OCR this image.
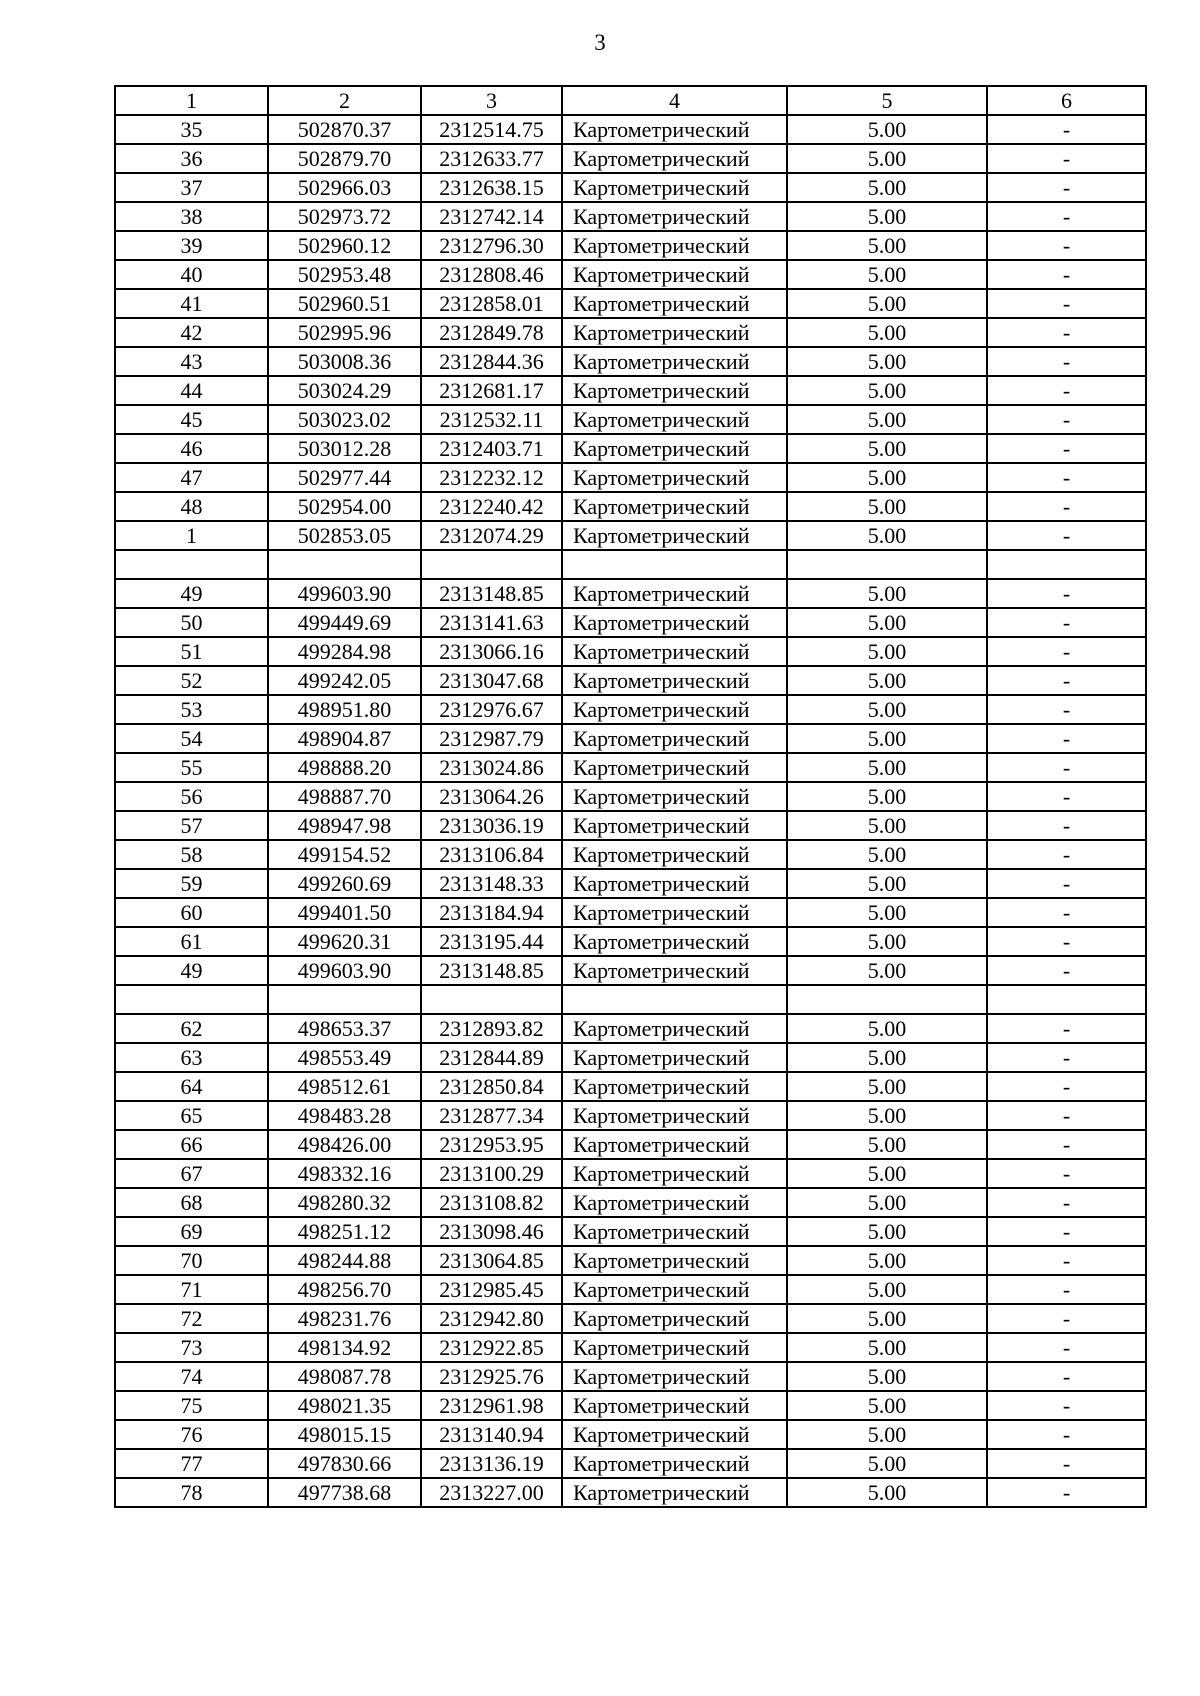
3
1	2	3	4	5	6
35	502870.37	2312514.75	Картометрический	5.00	-
36	502879.70	2312633.77	Картометрический	5.00	-
37	502966.03	2312638.15	Картометрический	5.00	-
38	502973.72	2312742.14	Картометрический	5.00	-
39	502960.12	2312796.30	Картометрический	5.00	-
40	502953.48	2312808.46	Картометрический	5.00	-
41	502960.51	2312858.01	Картометрический	5.00	-
42	502995.96	2312849.78	Картометрический	5.00	-
43	503008.36	2312844.36	Картометрический	5.00	-
44	503024.29	2312681.17	Картометрический	5.00	-
45	503023.02	2312532.11	Картометрический	5.00	-
46	503012.28	2312403.71	Картометрический	5.00	-
47	502977.44	2312232.12	Картометрический	5.00	-
48	502954.00	2312240.42	Картометрический	5.00	-
1	502853.05	2312074.29	Картометрический	5.00	-

49	499603.90	2313148.85	Картометрический	5.00	-
50	499449.69	2313141.63	Картометрический	5.00	-
51	499284.98	2313066.16	Картометрический	5.00	-
52	499242.05	2313047.68	Картометрический	5.00	-
53	498951.80	2312976.67	Картометрический	5.00	-
54	498904.87	2312987.79	Картометрический	5.00	-
55	498888.20	2313024.86	Картометрический	5.00	-
56	498887.70	2313064.26	Картометрический	5.00	-
57	498947.98	2313036.19	Картометрический	5.00	-
58	499154.52	2313106.84	Картометрический	5.00	-
59	499260.69	2313148.33	Картометрический	5.00	-
60	499401.50	2313184.94	Картометрический	5.00	-
61	499620.31	2313195.44	Картометрический	5.00	-
49	499603.90	2313148.85	Картометрический	5.00	-

62	498653.37	2312893.82	Картометрический	5.00	-
63	498553.49	2312844.89	Картометрический	5.00	-
64	498512.61	2312850.84	Картометрический	5.00	-
65	498483.28	2312877.34	Картометрический	5.00	-
66	498426.00	2312953.95	Картометрический	5.00	-
67	498332.16	2313100.29	Картометрический	5.00	-
68	498280.32	2313108.82	Картометрический	5.00	-
69	498251.12	2313098.46	Картометрический	5.00	-
70	498244.88	2313064.85	Картометрический	5.00	-
71	498256.70	2312985.45	Картометрический	5.00	-
72	498231.76	2312942.80	Картометрический	5.00	-
73	498134.92	2312922.85	Картометрический	5.00	-
74	498087.78	2312925.76	Картометрический	5.00	-
75	498021.35	2312961.98	Картометрический	5.00	-
76	498015.15	2313140.94	Картометрический	5.00	-
77	497830.66	2313136.19	Картометрический	5.00	-
78	497738.68	2313227.00	Картометрический	5.00	-
